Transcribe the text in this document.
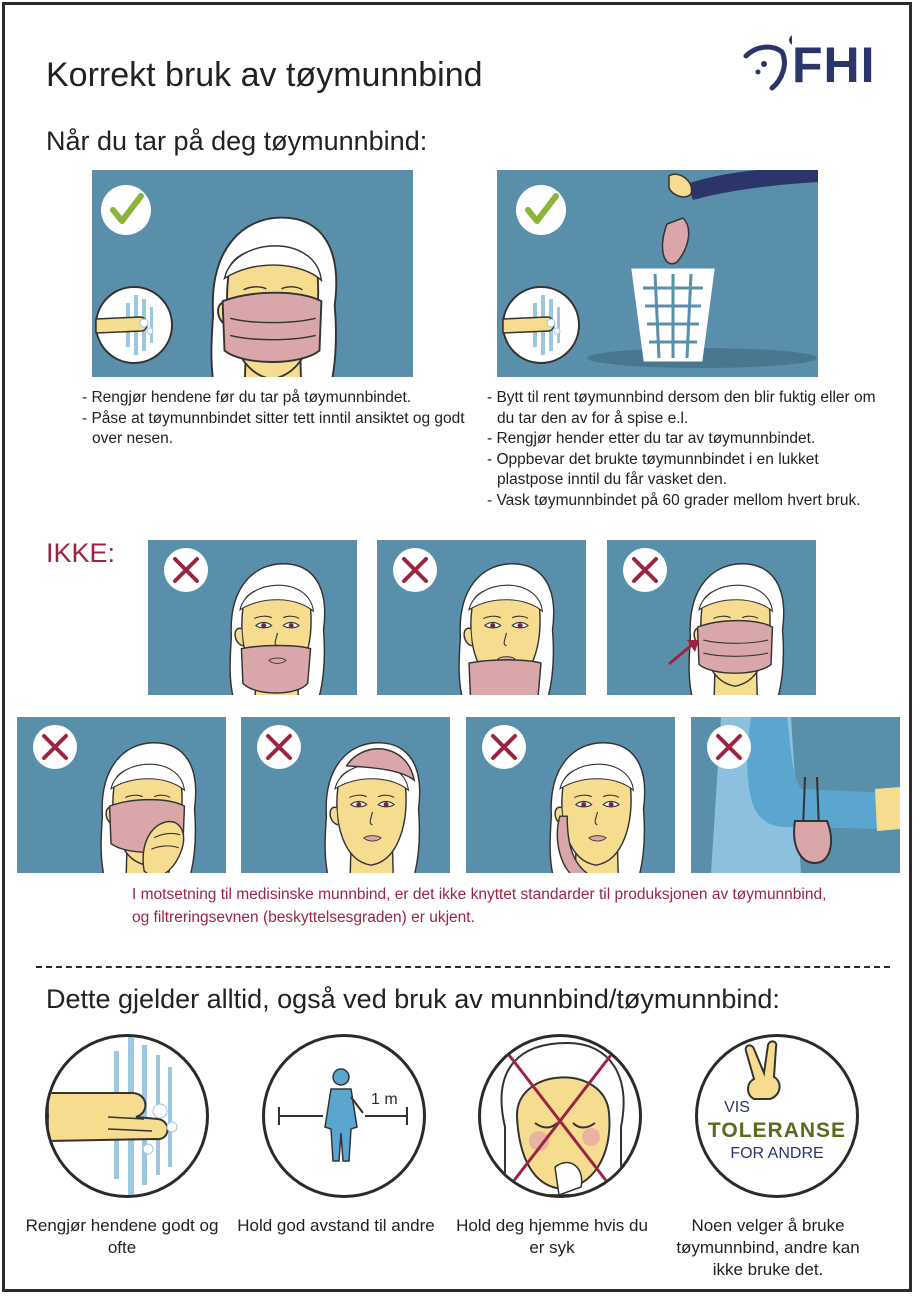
Korrekt bruk av tøymunnbind	FHI
Når du tar på deg tøymunnbind:
- Rengjør hendene før du tar på tøymunnbindet.
- Påse at tøymunnbindet sitter tett inntil ansiktet og godt over nesen.
- Bytt til rent tøymunnbind dersom den blir fuktig eller om du tar den av for å spise e.l.
- Rengjør hender etter du tar av tøymunnbindet.
- Oppbevar det brukte tøymunnbindet i en lukket plastpose inntil du får vasket den.
- Vask tøymunnbindet på 60 grader mellom hvert bruk.
IKKE:
I motsetning til medisinske munnbind, er det ikke knyttet standarder til produksjonen av tøymunnbind, og filtreringsevnen (beskyttelsesgraden) er ukjent.
Dette gjelder alltid, også ved bruk av munnbind/tøymunnbind:
1 m	VIS
TOLERANSE
FOR ANDRE
Rengjør hendene godt og ofte
Hold god avstand til andre Hold deg hjemme hvis du er syk
Noen velger å bruke tøymunnbind, andre kan ikke bruke det.
